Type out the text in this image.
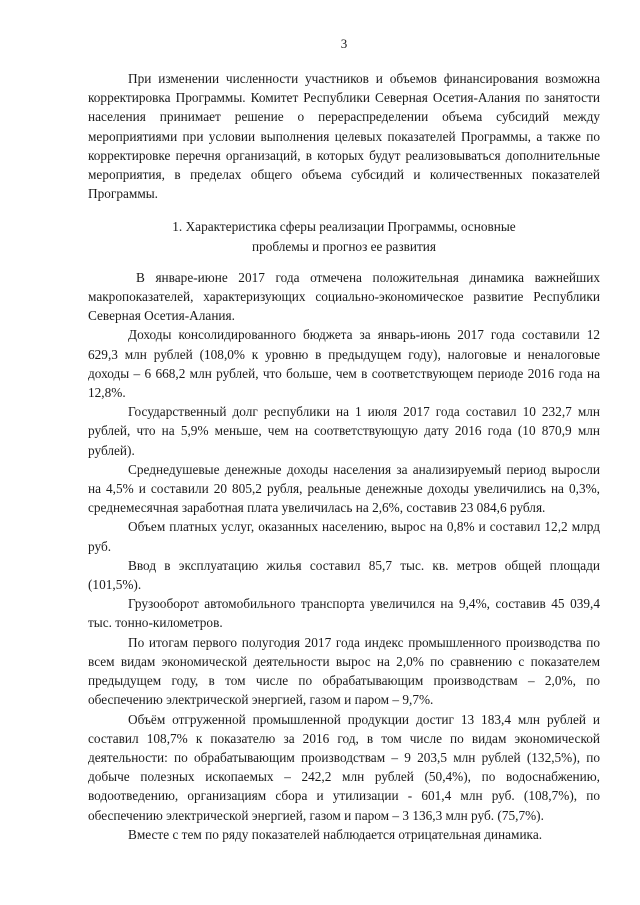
3

При изменении численности участников и объемов финансирования возможна корректировка Программы. Комитет Республики Северная Осетия-Алания по занятости населения принимает решение о перераспределении объема субсидий между мероприятиями при условии выполнения целевых показателей Программы, а также по корректировке перечня организаций, в которых будут реализовываться дополнительные мероприятия, в пределах общего объема субсидий и количественных показателей Программы.

1. Характеристика сферы реализации Программы, основные
проблемы и прогноз ее развития

В январе-июне 2017 года отмечена положительная динамика важнейших макропоказателей, характеризующих социально-экономическое развитие Республики Северная Осетия-Алания.

Доходы консолидированного бюджета за январь-июнь 2017 года составили 12 629,3 млн рублей (108,0% к уровню в предыдущем году), налоговые и неналоговые доходы – 6 668,2 млн рублей, что больше, чем в соответствующем периоде 2016 года на 12,8%.

Государственный долг республики на 1 июля 2017 года составил 10 232,7 млн рублей, что на 5,9% меньше, чем на соответствующую дату 2016 года (10 870,9 млн рублей).

Среднедушевые денежные доходы населения за анализируемый период выросли на 4,5% и составили 20 805,2 рубля, реальные денежные доходы увеличились на 0,3%, среднемесячная заработная плата увеличилась на 2,6%, составив 23 084,6 рубля.

Объем платных услуг, оказанных населению, вырос на 0,8% и составил 12,2 млрд руб.

Ввод в эксплуатацию жилья составил 85,7 тыс. кв. метров общей площади (101,5%).

Грузооборот автомобильного транспорта увеличился на 9,4%, составив 45 039,4 тыс. тонно-километров.

По итогам первого полугодия 2017 года индекс промышленного производства по всем видам экономической деятельности вырос на 2,0% по сравнению с показателем предыдущем году, в том числе по обрабатывающим производствам – 2,0%, по обеспечению электрической энергией, газом и паром – 9,7%.

Объём отгруженной промышленной продукции достиг 13 183,4 млн рублей и составил 108,7% к показателю за 2016 год, в том числе по видам экономической деятельности: по обрабатывающим производствам – 9 203,5 млн рублей (132,5%), по добыче полезных ископаемых – 242,2 млн рублей (50,4%), по водоснабжению, водоотведению, организациям сбора и утилизации - 601,4 млн руб. (108,7%), по обеспечению электрической энергией, газом и паром – 3 136,3 млн руб. (75,7%).

Вместе с тем по ряду показателей наблюдается отрицательная динамика.
